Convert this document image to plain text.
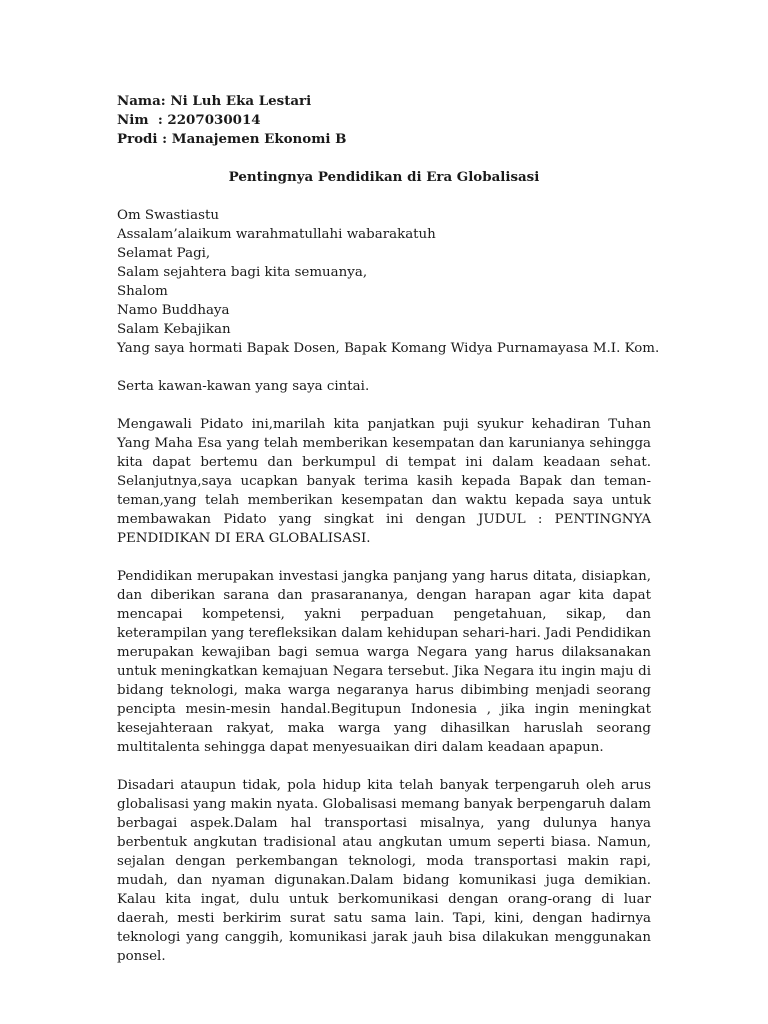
Nama: Ni Luh Eka Lestari
Nim  : 2207030014
Prodi : Manajemen Ekonomi B
Pentingnya Pendidikan di Era Globalisasi
Om Swastiastu
Assalam’alaikum warahmatullahi wabarakatuh
Selamat Pagi,
Salam sejahtera bagi kita semuanya,
Shalom
Namo Buddhaya
Salam Kebajikan
Yang saya hormati Bapak Dosen, Bapak Komang Widya Purnamayasa M.I. Kom.
Serta kawan-kawan yang saya cintai.

Mengawali Pidato ini,marilah kita panjatkan puji syukur kehadiran Tuhan Yang Maha Esa yang telah memberikan kesempatan dan karunianya sehingga kita dapat bertemu dan berkumpul di tempat ini dalam keadaan sehat. Selanjutnya,saya ucapkan banyak terima kasih kepada Bapak dan teman-teman,yang telah memberikan kesempatan dan waktu kepada saya untuk membawakan Pidato yang singkat ini dengan JUDUL : PENTINGNYA PENDIDIKAN DI ERA GLOBALISASI.

Pendidikan merupakan investasi jangka panjang yang harus ditata, disiapkan, dan diberikan sarana dan prasarananya, dengan harapan agar kita dapat mencapai kompetensi, yakni perpaduan pengetahuan, sikap, dan keterampilan yang terefleksikan dalam kehidupan sehari-hari. Jadi Pendidikan merupakan kewajiban bagi semua warga Negara yang harus dilaksanakan untuk meningkatkan kemajuan Negara tersebut. Jika Negara itu ingin maju di bidang teknologi, maka warga negaranya harus dibimbing menjadi seorang pencipta mesin-mesin handal.Begitupun Indonesia , jika ingin meningkat kesejahteraan rakyat, maka warga yang dihasilkan haruslah seorang multitalenta sehingga dapat menyesuaikan diri dalam keadaan apapun.

Disadari ataupun tidak, pola hidup kita telah banyak terpengaruh oleh arus globalisasi yang makin nyata. Globalisasi memang banyak berpengaruh dalam berbagai aspek.Dalam hal transportasi misalnya, yang dulunya hanya berbentuk angkutan tradisional atau angkutan umum seperti biasa. Namun, sejalan dengan perkembangan teknologi, moda transportasi makin rapi, mudah, dan nyaman digunakan.Dalam bidang komunikasi juga demikian. Kalau kita ingat, dulu untuk berkomunikasi dengan orang-orang di luar daerah, mesti berkirim surat satu sama lain. Tapi, kini, dengan hadirnya teknologi yang canggih, komunikasi jarak jauh bisa dilakukan menggunakan ponsel.
